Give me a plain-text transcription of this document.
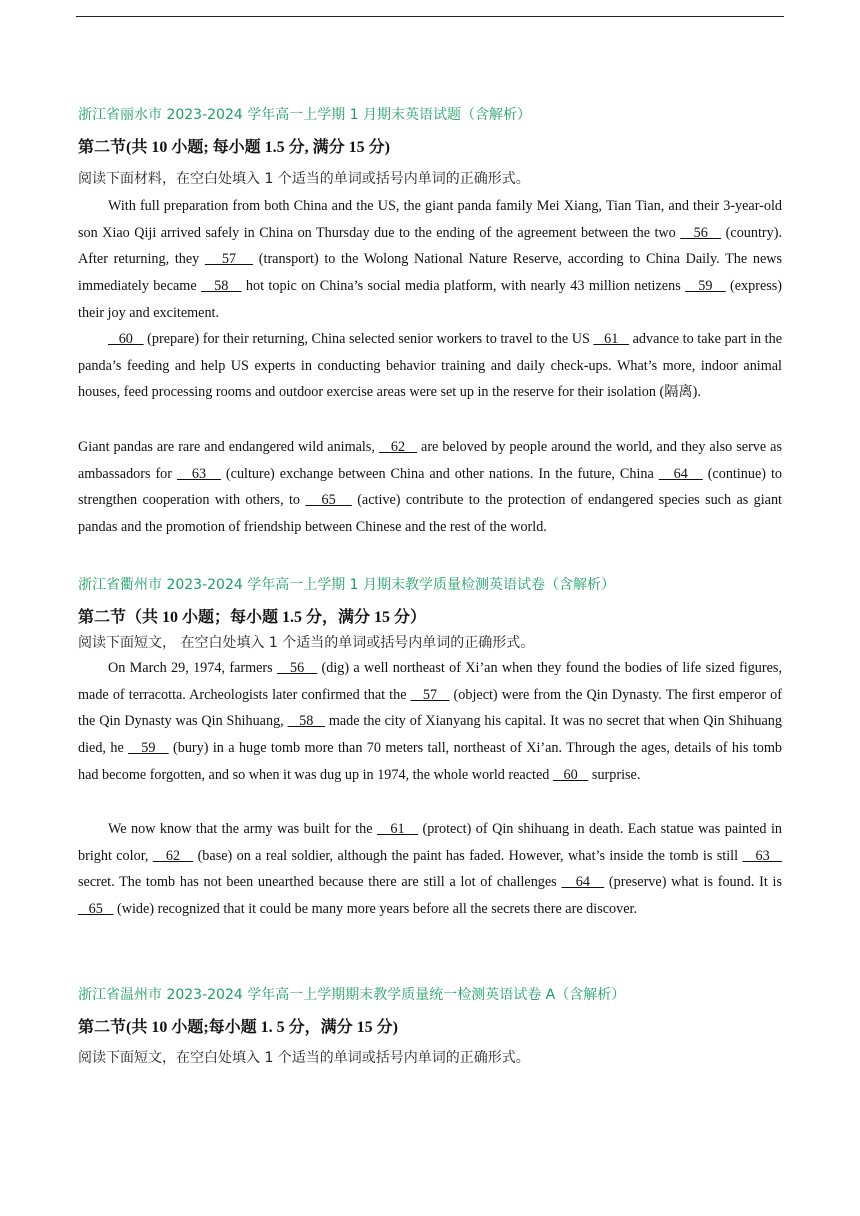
浙江省丽水市 2023-2024 学年高一上学期 1 月期末英语试题（含解析）
第二节(共 10 小题; 每小题 1.5 分, 满分 15 分)
阅读下面材料，在空白处填入 1 个适当的单词或括号内单词的正确形式。

With full preparation from both China and the US, the giant panda family Mei Xiang, Tian Tian, and their 3-year-old son Xiao Qiji arrived safely in China on Thursday due to the ending of the agreement between the two    56    (country). After returning, they    57    (transport) to the Wolong National Nature Reserve, according to China Daily. The news immediately became    58    hot topic on China’s social media platform, with nearly 43 million netizens    59    (express) their joy and excitement.

60    (prepare) for their returning, China selected senior workers to travel to the US    61    advance to take part in the panda’s feeding and help US experts in conducting behavior training and daily check-ups. What’s more, indoor animal houses, feed processing rooms and outdoor exercise areas were set up in the reserve for their isolation (隔离).

Giant pandas are rare and endangered wild animals,    62    are beloved by people around the world, and they also serve as ambassadors for    63    (culture) exchange between China and other nations. In the future, China    64    (continue) to strengthen cooperation with others, to    65    (active) contribute to the protection of endangered species such as giant pandas and the promotion of friendship between Chinese and the rest of the world.

浙江省衢州市 2023-2024 学年高一上学期 1 月期末教学质量检测英语试卷（含解析）
第二节（共 10 小题；每小题 1.5 分，满分 15 分）
阅读下面短文， 在空白处填入 1 个适当的单词或括号内单词的正确形式。

On March 29, 1974, farmers    56    (dig) a well northeast of Xi’an when they found the bodies of life sized figures, made of terracotta. Archeologists later confirmed that the    57    (object) were from the Qin Dynasty. The first emperor of the Qin Dynasty was Qin Shihuang,    58    made the city of Xianyang his capital. It was no secret that when Qin Shihuang died, he    59    (bury) in a huge tomb more than 70 meters tall, northeast of Xi’an. Through the ages, details of his tomb had become forgotten, and so when it was dug up in 1974, the whole world reacted    60    surprise.

We now know that the army was built for the    61    (protect) of Qin shihuang in death. Each statue was painted in bright color,    62    (base) on a real soldier, although the paint has faded. However, what’s inside the tomb is still    63    secret. The tomb has not been unearthed because there are still a lot of challenges    64    (preserve) what is found. It is    65    (wide) recognized that it could be many more years before all the secrets there are discover.

浙江省温州市 2023-2024 学年高一上学期期末教学质量统一检测英语试卷 A（含解析）
第二节(共 10 小题;每小题 1. 5 分，满分 15 分)
阅读下面短文，在空白处填入 1 个适当的单词或括号内单词的正确形式。
